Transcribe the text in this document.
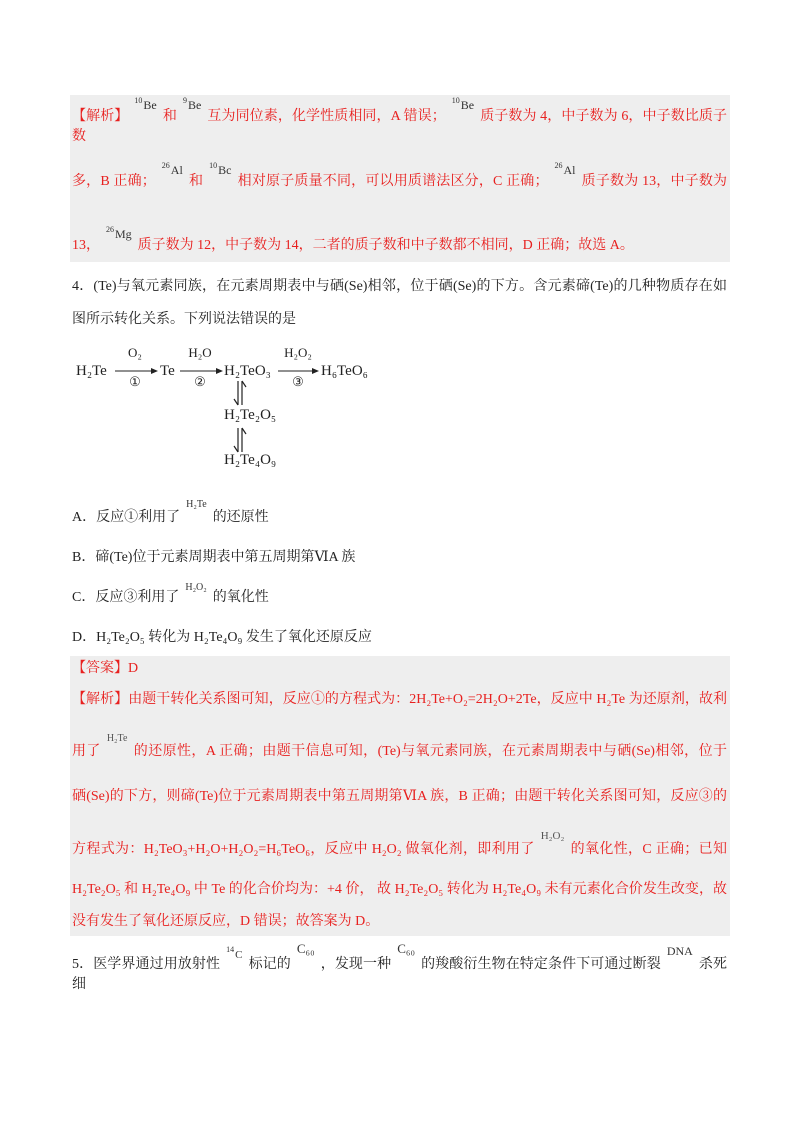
【解析】$^{10}$Be和$^9$Be互为同位素，化学性质相同，A 错误；$^{10}$Be质子数为 4，中子数为 6，中子数比质子数
多，B 正确；$^{26}$Al和$^{10}$Bc相对原子质量不同，可以用质谱法区分，C 正确；$^{26}$Al质子数为 13，中子数为
13，$^{26}$Mg质子数为 12，中子数为 14，二者的质子数和中子数都不相同，D 正确；故选 A。
4．(Te)与氧元素同族，在元素周期表中与硒(Se)相邻，位于硒(Se)的下方。含元素碲(Te)的几种物质存在如
图所示转化关系。下列说法错误的是
H₂Te	Te	H₂TeO₃	H₆TeO₆
H₂Te₂O₅
H₂Te₄O₉
O₂
①
H₂O
②
H₂O₂
③
A．反应①利用了$^{H_2Te}$的还原性
B．碲(Te)位于元素周期表中第五周期第ⅥA 族
C．反应③利用了$^{H_2O_2}$的氧化性
D．H₂Te₂O₅ 转化为 H₂Te₄O₉ 发生了氧化还原反应
【答案】D
【解析】由题干转化关系图可知，反应①的方程式为：2H₂Te+O₂=2H₂O+2Te，反应中 H₂Te 为还原剂，故利
用了$^{H_2Te}$的还原性，A 正确；由题干信息可知，(Te)与氧元素同族，在元素周期表中与硒(Se)相邻，位于
硒(Se)的下方，则碲(Te)位于元素周期表中第五周期第ⅥA 族，B 正确；由题干转化关系图可知，反应③的
方程式为：H₂TeO₃+H₂O+H₂O₂=H₆TeO₆，反应中 H₂O₂ 做氧化剂，即利用了$^{H_2O_2}$的氧化性，C 正确；已知
H₂Te₂O₅ 和 H₂Te₄O₉ 中 Te 的化合价均为：+4 价， 故 H₂Te₂O₅ 转化为 H₂Te₄O₉ 未有元素化合价发生改变，故
没有发生了氧化还原反应，D 错误；故答案为 D。
5．医学界通过用放射性$^{^{14}C}$标记的C₆₀，发现一种C₆₀的羧酸衍生物在特定条件下可通过断裂DNA杀死细
